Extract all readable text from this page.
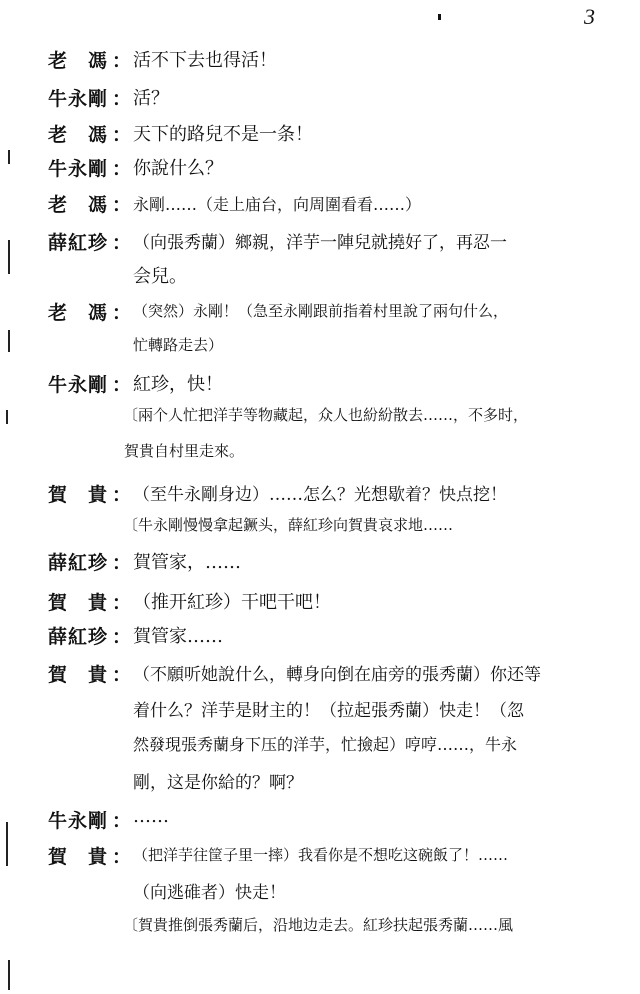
3
老　馮 ： 活不下去也得活！
牛永剛 ： 活？
老　馮 ： 天下的路兒不是一条！
牛永剛 ： 你說什么？
老　馮 ： 永剛……（走上庙台，向周圍看看……）
薛紅珍 ： （向張秀蘭）鄉親，洋芋一陣兒就撓好了，再忍一
会兒。
老　馮 ： （突然）永剛！（急至永剛跟前指着村里說了兩句什么，
忙轉路走去）
牛永剛 ： 紅珍，快！
〔兩个人忙把洋芋等物藏起，众人也紛紛散去……，不多时，
賀貴自村里走來。
賀　貴 ： （至牛永剛身边）……怎么？光想歇着？快点挖！
〔牛永剛慢慢拿起鐝头，薛紅珍向賀貴哀求地……
薛紅珍 ： 賀管家，……
賀　貴 ： （推开紅珍）干吧干吧！
薛紅珍 ： 賀管家……
賀　貴 ： （不願听她說什么，轉身向倒在庙旁的張秀蘭）你还等
着什么？洋芋是財主的！（拉起張秀蘭）快走！（忽
然發現張秀蘭身下压的洋芋，忙撿起）哼哼……，牛永
剛，这是你給的？啊？
牛永剛 ： ……
賀　貴 ： （把洋芋往筐子里一摔）我看你是不想吃这碗飯了！……
（向逃碓者）快走！
〔賀貴推倒張秀蘭后，沿地边走去。紅珍扶起張秀蘭……風
